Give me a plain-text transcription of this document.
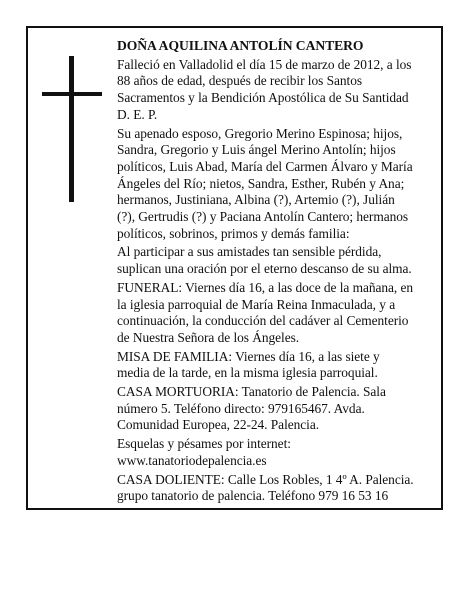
DOÑA AQUILINA ANTOLÍN CANTERO
Falleció en Valladolid el día 15 de marzo de 2012, a los
88 años de edad, después de recibir los Santos
Sacramentos y la Bendición Apostólica de Su Santidad
D. E. P.
Su apenado esposo, Gregorio Merino Espinosa; hijos,
Sandra, Gregorio y Luis ángel Merino Antolín; hijos
políticos, Luis Abad, María del Carmen Álvaro y María
Ángeles del Río; nietos, Sandra, Esther, Rubén y Ana;
hermanos, Justiniana, Albina (?), Artemio (?), Julián
(?), Gertrudis (?) y Paciana Antolín Cantero; hermanos
políticos, sobrinos, primos y demás familia:
Al participar a sus amistades tan sensible pérdida,
suplican una oración por el eterno descanso de su alma.
FUNERAL: Viernes día 16, a las doce de la mañana, en
la iglesia parroquial de María Reina Inmaculada, y a
continuación, la conducción del cadáver al Cementerio
de Nuestra Señora de los Ángeles.
MISA DE FAMILIA: Viernes día 16, a las siete y
media de la tarde, en la misma iglesia parroquial.
CASA MORTUORIA: Tanatorio de Palencia. Sala
número 5. Teléfono directo: 979165467. Avda.
Comunidad Europea, 22-24. Palencia.
Esquelas y pésames por internet:
www.tanatoriodepalencia.es
CASA DOLIENTE: Calle Los Robles, 1 4º A. Palencia.
grupo tanatorio de palencia. Teléfono 979 16 53 16
